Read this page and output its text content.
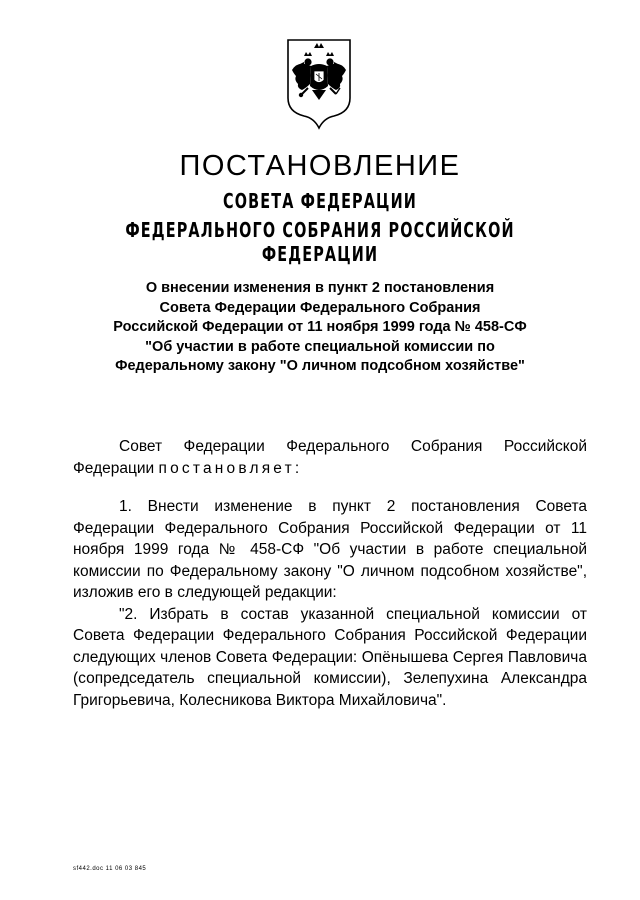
ПОСТАНОВЛЕНИЕ
СОВЕТА ФЕДЕРАЦИИ
ФЕДЕРАЛЬНОГО СОБРАНИЯ РОССИЙСКОЙ ФЕДЕРАЦИИ
О внесении изменения в пункт 2 постановления
Совета Федерации Федерального Собрания
Российской Федерации от 11 ноября 1999 года № 458-СФ
"Об участии в работе специальной комиссии по
Федеральному закону "О личном подсобном хозяйстве"

Совет Федерации Федерального Собрания Российской Федерации постановляет:

1. Внести изменение в пункт 2 постановления Совета Федерации Федерального Собрания Российской Федерации от 11 ноября 1999 года № 458-СФ "Об участии в работе специальной комиссии по Федеральному закону "О личном подсобном хозяйстве", изложив его в следующей редакции:

"2. Избрать в состав указанной специальной комиссии от Совета Федерации Федерального Собрания Российской Федерации следующих членов Совета Федерации: Опёнышева Сергея Павловича (сопредседатель специальной комиссии), Зелепухина Александра Григорьевича, Колесникова Виктора Михайловича".

sf442.doc 11 06 03 845
